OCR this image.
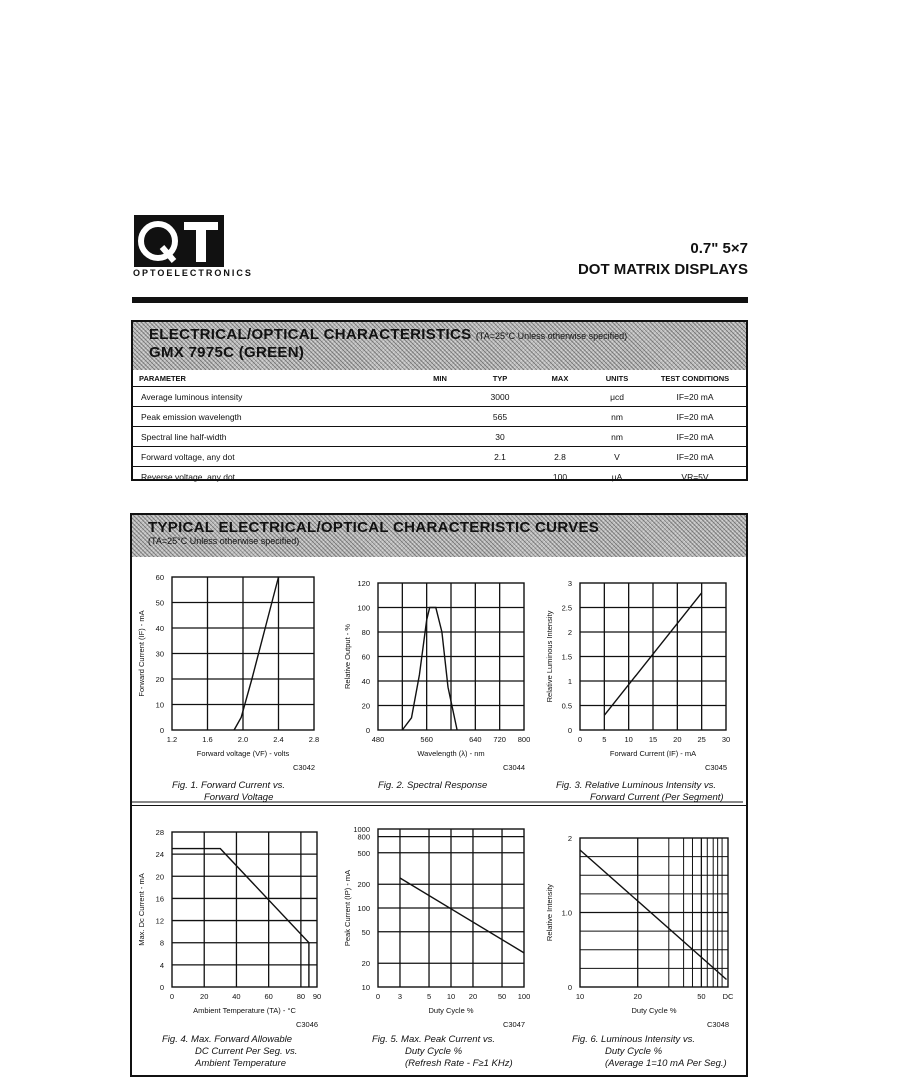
OPTOELECTRONICS
0.7" 5×7
DOT MATRIX DISPLAYS
ELECTRICAL/OPTICAL CHARACTERISTICS (TA=25°C Unless otherwise specified)
GMX 7975C (GREEN)
PARAMETER	MIN	TYP	MAX	UNITS	TEST CONDITIONS
Average luminous intensity		3000		μcd	IF=20 mA
Peak emission wavelength		565		nm	IF=20 mA
Spectral line half-width		30		nm	IF=20 mA
Forward voltage, any dot		2.1	2.8	V	IF=20 mA
Reverse voltage, any dot			100	μA	VR=5V
TYPICAL ELECTRICAL/OPTICAL CHARACTERISTIC CURVES
(TA=25°C Unless otherwise specified)
1.2	1.6	2.0	2.4	2.8
0
10
20
30
40
50
60
Forward voltage (VF) - volts
Forward Current (IF) - mA
C3042
480	560	640 720 800
0
20
40
60
80
100
120
Wavelength (λ) - nm
Relative Output - %
C3044
0	5 10 15 20 25 30
0
0.5
1
1.5
2
2.5
3
Forward Current (IF) - mA
Relative Luminous Intensity
C3045
0	20	40	60	80 90
0
4
8
12
16
20
24
28
Ambient Temperature (TA) - °C
Max. Dc Current - mA
C3046
0 3	5 10 20	50 100
10
20
50
100
200
500
800
1000
Duty Cycle %
Peak Current (IP) - mA
C3047
10	20	50 DC
0
1.0
2
Duty Cycle %
Relative Intensity
C3048
Fig. 1. Forward Current vs.
Forward Voltage
Fig. 2. Spectral Response	Fig. 3. Relative Luminous Intensity vs.
Forward Current (Per Segment)
Fig. 4. Max. Forward Allowable
DC Current Per Seg. vs.
Ambient Temperature
Fig. 5. Max. Peak Current vs.
Duty Cycle %
(Refresh Rate - F≥1 KHz)
Fig. 6. Luminous Intensity vs.
Duty Cycle %
(Average 1=10 mA Per Seg.)
